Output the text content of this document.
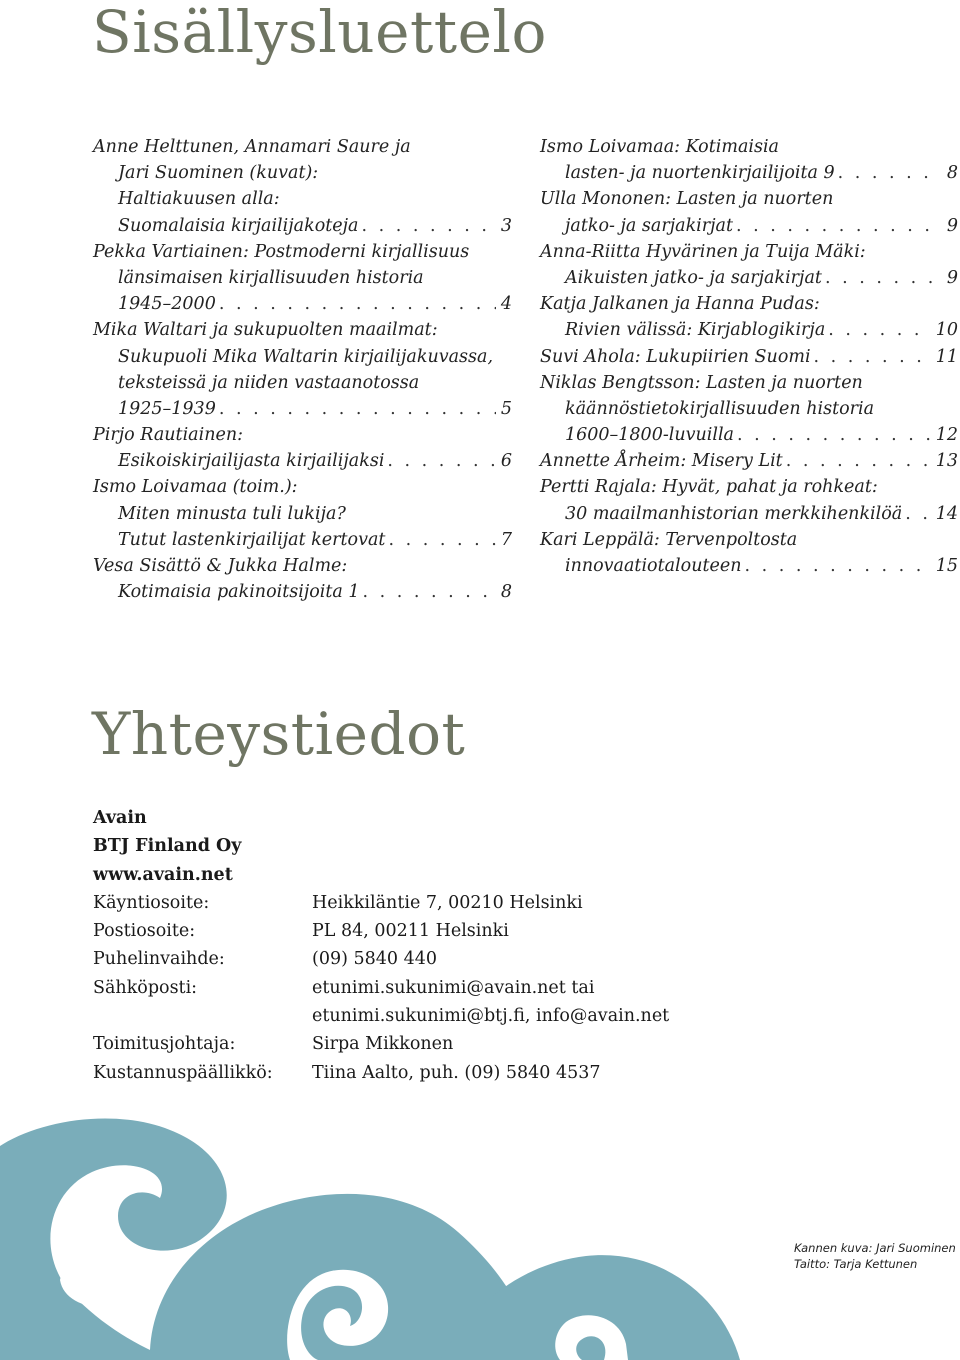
Sisällysluettelo
Anne Helttunen, Annamari Saure ja
Jari Suominen (kuvat):
Haltiakuusen alla:
Suomalaisia kirjailijakoteja . . .	3
Pekka Vartiainen: Postmoderni kirjallisuus
länsimaisen kirjallisuuden historia
1945–2000 . . .	4
Mika Waltari ja sukupuolten maailmat:
Sukupuoli Mika Waltarin kirjailijakuvassa,
teksteissä ja niiden vastaanotossa
1925–1939 . . .	5
Pirjo Rautiainen:
Esikoiskirjailijasta kirjailijaksi . . .	6
Ismo Loivamaa (toim.):
Miten minusta tuli lukija?
Tutut lastenkirjailijat kertovat . . .	7
Vesa Sisättö & Jukka Halme:
Kotimaisia pakinoitsijoita 1 . . .	8
Ismo Loivamaa: Kotimaisia
lasten- ja nuortenkirjailijoita 9 . . .	8
Ulla Mononen: Lasten ja nuorten
jatko- ja sarjakirjat . . .	9
Anna-Riitta Hyvärinen ja Tuija Mäki:
Aikuisten jatko- ja sarjakirjat . . .	9
Katja Jalkanen ja Hanna Pudas:
Rivien välissä: Kirjablogikirja . . .	10
Suvi Ahola: Lukupiirien Suomi . . .	11
Niklas Bengtsson: Lasten ja nuorten
käännöstietokirjallisuuden historia
1600–1800-luvuilla . . .	12
Annette Årheim: Misery Lit . . .	13
Pertti Rajala: Hyvät, pahat ja rohkeat:
30 maailmanhistorian merkkihenkilöä . . . 14
Kari Leppälä: Tervenpoltosta
innovaatiotalouteen . . .	15
Yhteystiedot
Avain
BTJ Finland Oy
www.avain.net
Käyntiosoite:	Heikkiläntie 7, 00210 Helsinki
Postiosoite:	PL 84, 00211 Helsinki
Puhelinvaihde:	(09) 5840 440
Sähköposti:	etunimi.sukunimi@avain.net tai
etunimi.sukunimi@btj.fi, info@avain.net
Toimitusjohtaja:	Sirpa Mikkonen
Kustannuspäällikkö: Tiina Aalto, puh. (09) 5840 4537
Kannen kuva: Jari Suominen
Taitto: Tarja Kettunen
